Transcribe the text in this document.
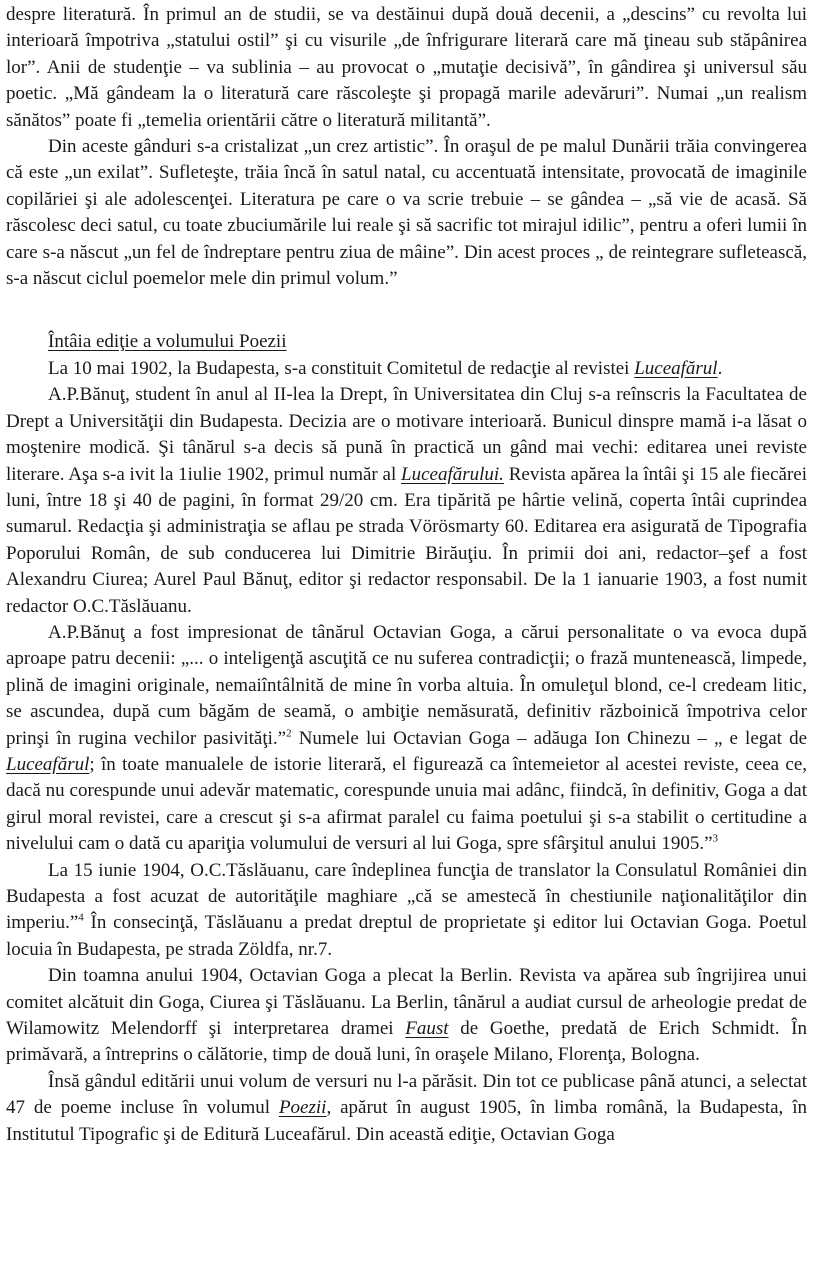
despre literatură. În primul an de studii, se va destăinui după două decenii, a „descins” cu revolta lui interioară împotriva „statului ostil” şi cu visurile „de înfrigurare literară care mă ţineau sub stăpânirea lor”. Anii de studenţie – va sublinia – au provocat o „mutaţie decisivă”, în gândirea şi universul său poetic. „Mă gândeam la o literatură care răscoleşte şi propagă marile adevăruri”. Numai „un realism sănătos” poate fi „temelia orientării către o literatură militantă”.

Din aceste gânduri s-a cristalizat „un crez artistic”. În oraşul de pe malul Dunării trăia convingerea că este „un exilat”. Sufleteşte, trăia încă în satul natal, cu accentuată intensitate, provocată de imaginile copilăriei şi ale adolescenţei. Literatura pe care o va scrie trebuie – se gândea – „să vie de acasă. Să răscolesc deci satul, cu toate zbuciumările lui reale şi să sacrific tot mirajul idilic”, pentru a oferi lumii în care s-a născut „un fel de îndreptare pentru ziua de mâine”. Din acest proces „ de reintegrare sufletească, s-a născut ciclul poemelor mele din primul volum.”

Întâia ediţie a volumului Poezii

La 10 mai 1902, la Budapesta, s-a constituit Comitetul de redacţie al revistei Luceafărul.

A.P.Bănuţ, student în anul al II-lea la Drept, în Universitatea din Cluj s-a reînscris la Facultatea de Drept a Universităţii din Budapesta. Decizia are o motivare interioară. Bunicul dinspre mamă i-a lăsat o moştenire modică. Şi tânărul s-a decis să pună în practică un gând mai vechi: editarea unei reviste literare. Aşa s-a ivit la 1iulie 1902, primul număr al Luceafărului. Revista apărea la întâi şi 15 ale fiecărei luni, între 18 şi 40 de pagini, în format 29/20 cm. Era tipărită pe hârtie velină, coperta întâi cuprindea sumarul. Redacţia şi administraţia se aflau pe strada Vörösmarty 60. Editarea era asigurată de Tipografia Poporului Român, de sub conducerea lui Dimitrie Birăuţiu. În primii doi ani, redactor–şef a fost Alexandru Ciurea; Aurel Paul Bănuţ, editor şi redactor responsabil. De la 1 ianuarie 1903, a fost numit redactor O.C.Tăslăuanu.

A.P.Bănuţ a fost impresionat de tânărul Octavian Goga, a cărui personalitate o va evoca după aproape patru decenii: „... o inteligenţă ascuţită ce nu suferea contradicţii; o frază muntenească, limpede, plină de imagini originale, nemaiîntâlnită de mine în vorba altuia. În omuleţul blond, ce-l credeam litic, se ascundea, după cum băgăm de seamă, o ambiţie nemăsurată, definitiv războinică împotriva celor prinşi în rugina vechilor pasivităţi.”$^2$ Numele lui Octavian Goga – adăuga Ion Chinezu – „ e legat de Luceafărul; în toate manualele de istorie literară, el figurează ca întemeietor al acestei reviste, ceea ce, dacă nu corespunde unui adevăr matematic, corespunde unuia mai adânc, fiindcă, în definitiv, Goga a dat girul moral revistei, care a crescut şi s-a afirmat paralel cu faima poetului şi s-a stabilit o certitudine a nivelului cam o dată cu apariţia volumului de versuri al lui Goga, spre sfârşitul anului 1905.”$^3$

La 15 iunie 1904, O.C.Tăslăuanu, care îndeplinea funcţia de translator la Consulatul României din Budapesta a fost acuzat de autorităţile maghiare „că se amestecă în chestiunile naţionalităţilor din imperiu.”$^4$ În consecinţă, Tăslăuanu a predat dreptul de proprietate şi editor lui Octavian Goga. Poetul locuia în Budapesta, pe strada Zöldfa, nr.7.

Din toamna anului 1904, Octavian Goga a plecat la Berlin. Revista va apărea sub îngrijirea unui comitet alcătuit din Goga, Ciurea şi Tăslăuanu. La Berlin, tânărul a audiat cursul de arheologie predat de Wilamowitz Melendorff şi interpretarea dramei Faust de Goethe, predată de Erich Schmidt. În primăvară, a întreprins o călătorie, timp de două luni, în oraşele Milano, Florenţa, Bologna.

Însă gândul editării unui volum de versuri nu l-a părăsit. Din tot ce publicase până atunci, a selectat 47 de poeme incluse în volumul Poezii, apărut în august 1905, în limba română, la Budapesta, în Institutul Tipografic şi de Editură Luceafărul. Din această ediţie, Octavian Goga
